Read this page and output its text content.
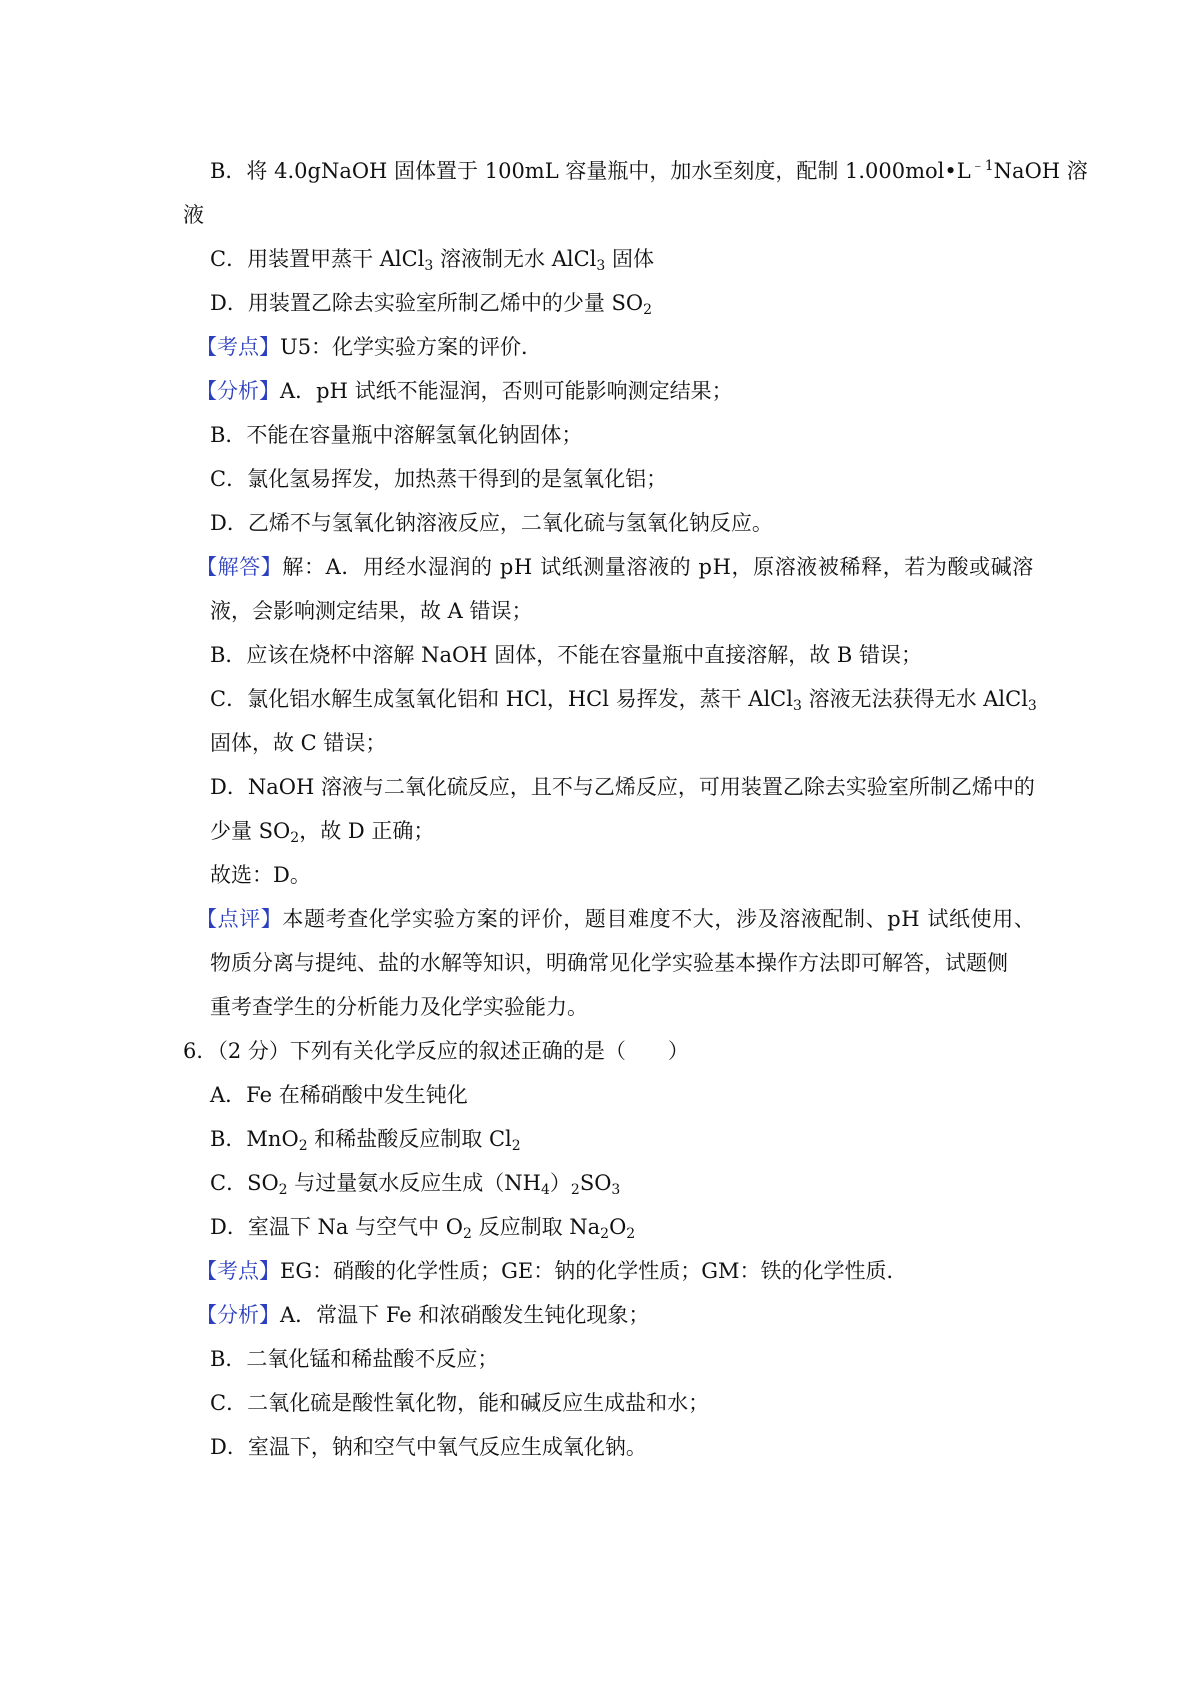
B．将 4.0gNaOH 固体置于 100mL 容量瓶中，加水至刻度，配制 $1.000mol•L^{﹣1}NaOH$ 溶
液
C．用装置甲蒸干 AlCl$_3$ 溶液制无水 AlCl$_3$ 固体
D．用装置乙除去实验室所制乙烯中的少量 $SO_2$
【考点】U5：化学实验方案的评价．
【分析】A．pH 试纸不能湿润，否则可能影响测定结果；
B．不能在容量瓶中溶解氢氧化钠固体；
C．氯化氢易挥发，加热蒸干得到的是氢氧化铝；
D．乙烯不与氢氧化钠溶液反应，二氧化硫与氢氧化钠反应。
【解答】解：A．用经水湿润的 pH 试纸测量溶液的 pH，原溶液被稀释，若为酸或碱溶
液，会影响测定结果，故 A 错误；
B．应该在烧杯中溶解 NaOH 固体，不能在容量瓶中直接溶解，故 B 错误；
C．氯化铝水解生成氢氧化铝和 HCl，HCl 易挥发，蒸干 AlCl$_3$ 溶液无法获得无水 AlCl$_3$
固体，故 C 错误；
D．NaOH 溶液与二氧化硫反应，且不与乙烯反应，可用装置乙除去实验室所制乙烯中的
少量 $SO_2$，故 D 正确；
故选：D。
【点评】本题考查化学实验方案的评价，题目难度不大，涉及溶液配制、pH 试纸使用、
物质分离与提纯、盐的水解等知识，明确常见化学实验基本操作方法即可解答，试题侧
重考查学生的分析能力及化学实验能力。
6．（2 分）下列有关化学反应的叙述正确的是（　　）
A．Fe 在稀硝酸中发生钝化
B．MnO$_2$ 和稀盐酸反应制取 $Cl_2$
C．$SO_2$ 与过量氨水反应生成$(NH_4)_2SO_3$
D．室温下 Na 与空气中 $O_2$ 反应制取 $Na_2O_2$
【考点】EG：硝酸的化学性质；GE：钠的化学性质；GM：铁的化学性质．
【分析】A．常温下 Fe 和浓硝酸发生钝化现象；
B．二氧化锰和稀盐酸不反应；
C．二氧化硫是酸性氧化物，能和碱反应生成盐和水；
D．室温下，钠和空气中氧气反应生成氧化钠。
